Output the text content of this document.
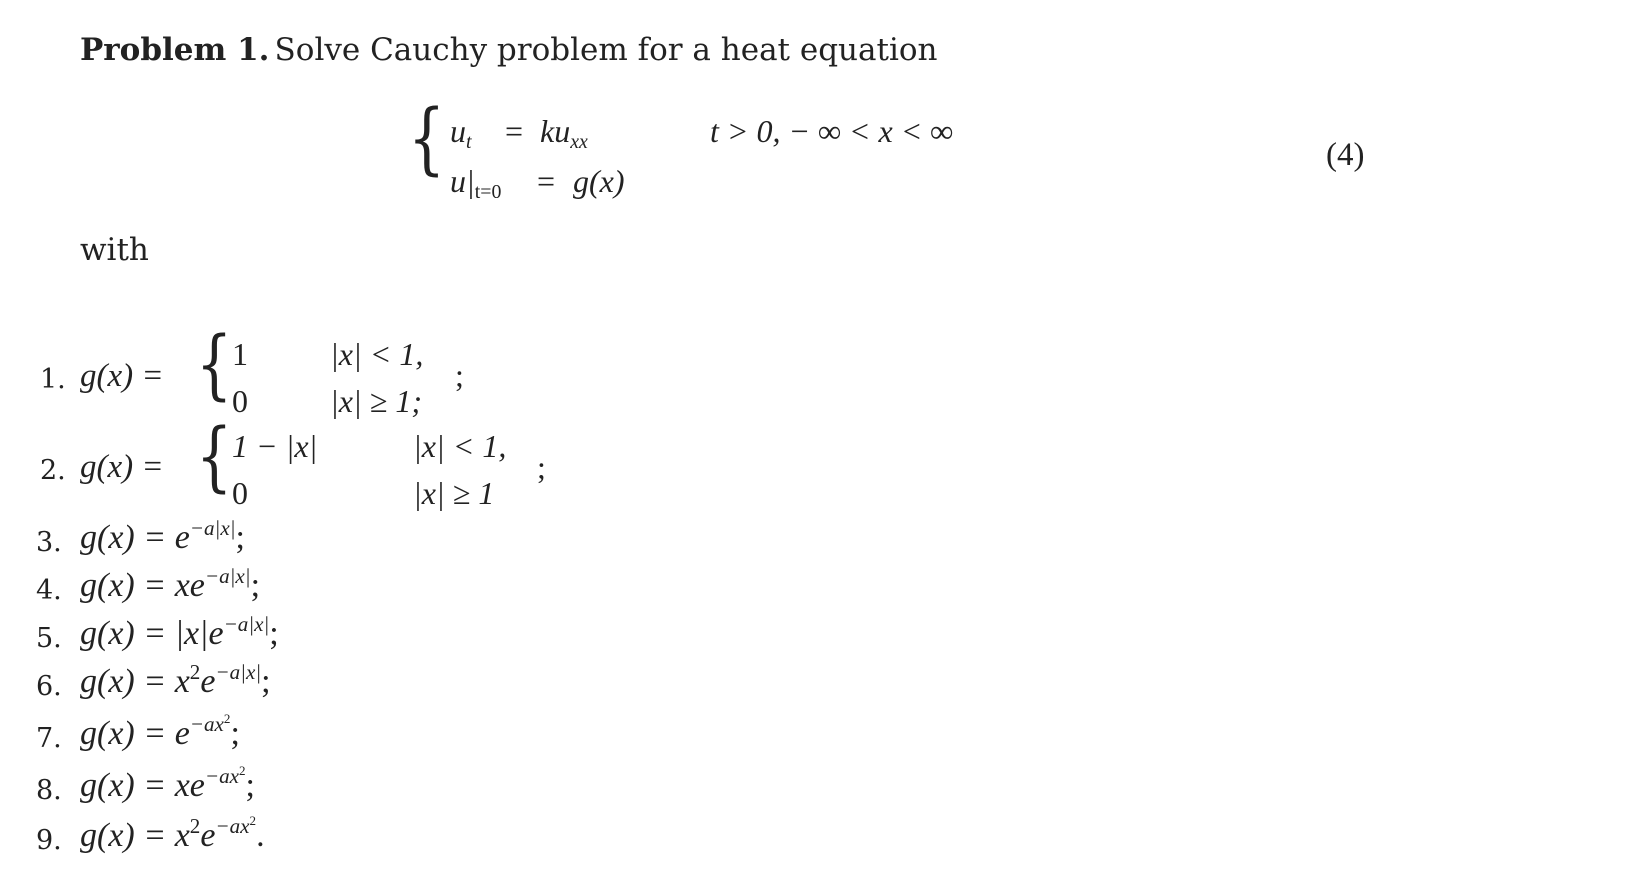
Problem 1. Solve Cauchy problem for a heat equation
{ $u_t = ku_{xx}$
$u|_{t=0} = g(x)$
t > 0, − ∞ < x < ∞
(4)
with
1. g(x) = { 1	|x| < 1,
0	|x| ≥ 1;
;
2. g(x) = { 1 − |x|	|x| < 1,
0	|x| ≥ 1
;
3. $g(x) = e^{-a|x|}$;
4. $g(x) = xe^{-a|x|}$;
5. $g(x) = |x|e^{-a|x|}$;
6. $g(x) = x^2e^{-a|x|}$;
7. $g(x) = e^{-ax^2}$;
8. $g(x) = xe^{-ax^2}$;
9. $g(x) = x^2e^{-ax^2}$.
